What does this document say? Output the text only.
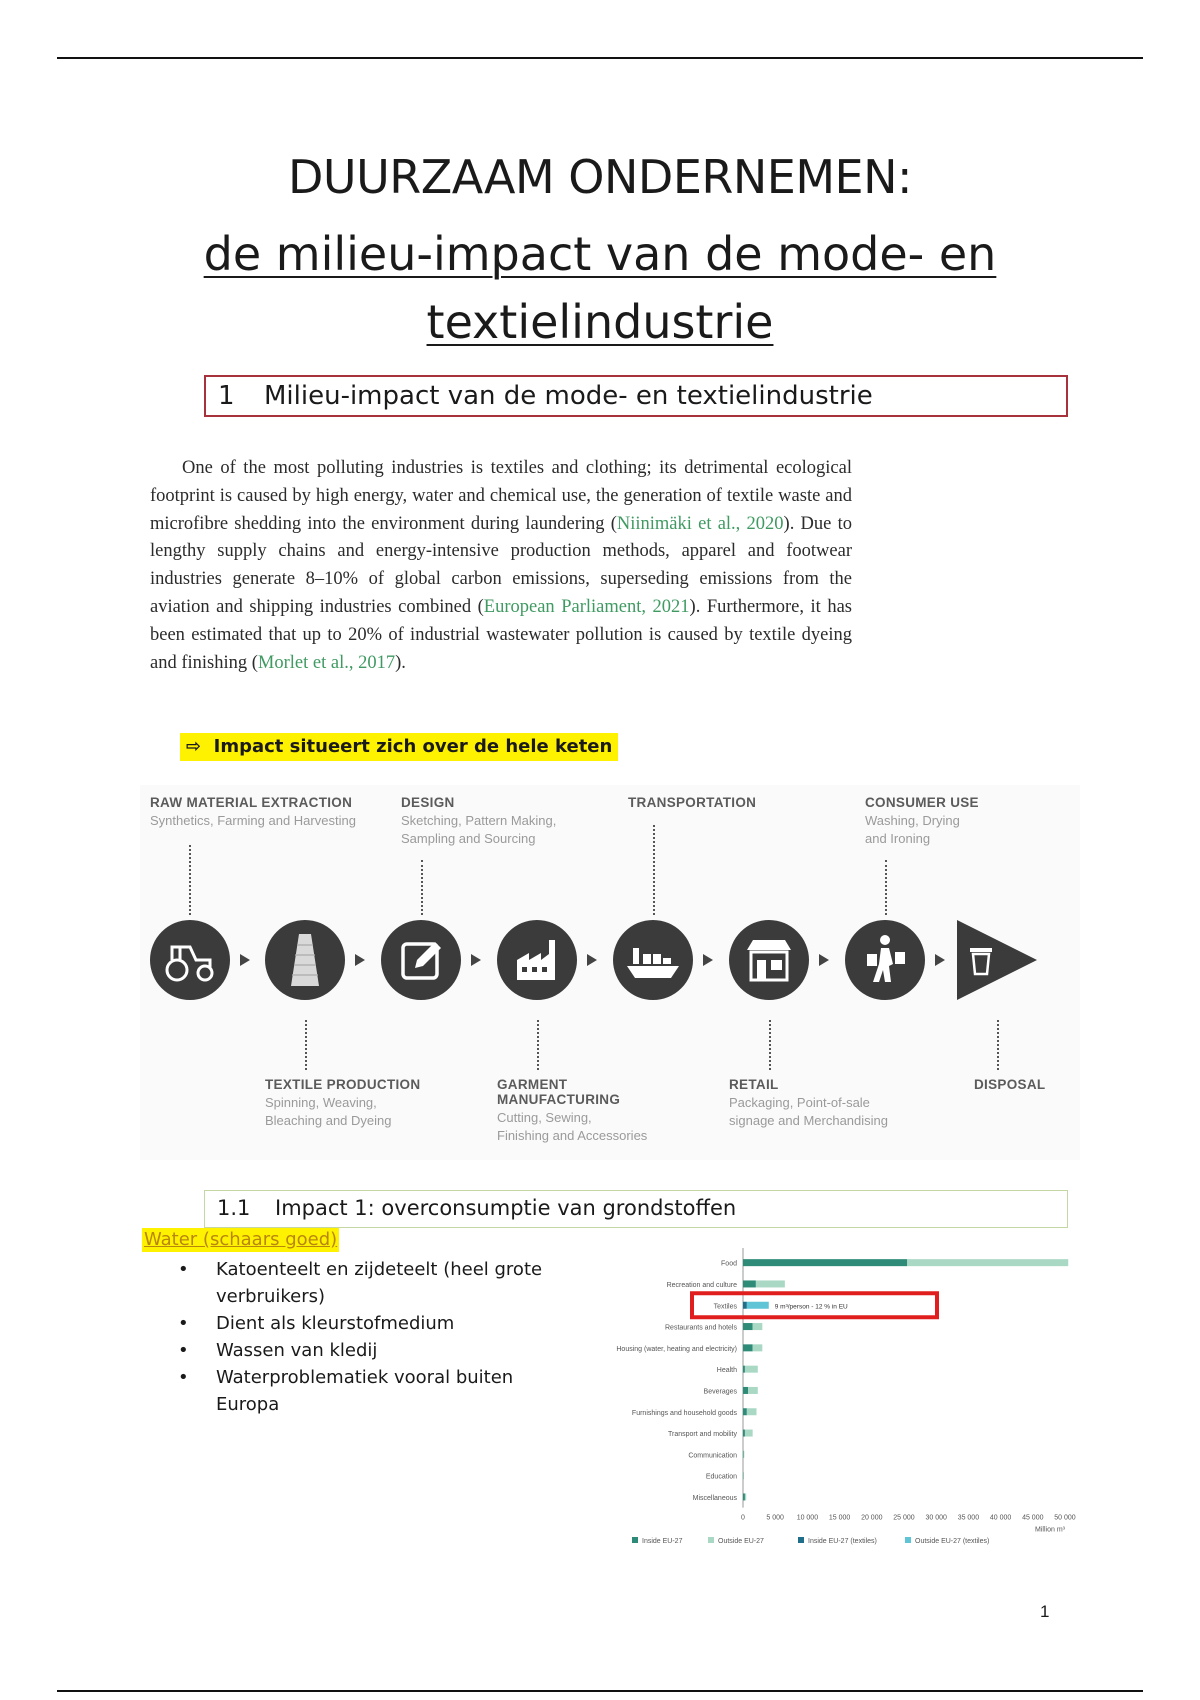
DUURZAAM ONDERNEMEN:
de milieu-impact van de mode- en
textielindustrie
1 Milieu-impact van de mode- en textielindustrie

One of the most polluting industries is textiles and clothing; its detrimental ecological footprint is caused by high energy, water and chemical use, the generation of textile waste and microfibre shedding into the environment during laundering (Niinimäki et al., 2020). Due to lengthy supply chains and energy-intensive production methods, apparel and footwear industries generate 8–10% of global carbon emissions, superseding emissions from the aviation and shipping industries combined (European Parliament, 2021). Furthermore, it has been estimated that up to 20% of industrial wastewater pollution is caused by textile dyeing and finishing (Morlet et al., 2017).

⇨ Impact situeert zich over de hele keten
RAW MATERIAL EXTRACTION
Synthetics, Farming and Harvesting
DESIGN
Sketching, Pattern Making,
Sampling and Sourcing
TRANSPORTATION	CONSUMER USE
Washing, Drying
and Ironing
TEXTILE PRODUCTION
Spinning, Weaving,
Bleaching and Dyeing
GARMENT
MANUFACTURING
Cutting, Sewing,
Finishing and Accessories
RETAIL
Packaging, Point-of-sale
signage and Merchandising
DISPOSAL
1.1 Impact 1: overconsumptie van grondstoffen
Water (schaars goed)
• Katoenteelt en zijdeteelt (heel grote verbruikers)
• Dient als kleurstofmedium
• Wassen van kledij
• Waterproblematiek vooral buiten Europa
Food
Recreation and culture
Textiles	9 m³/person - 12 % in EU
Restaurants and hotels
Housing (water, heating and electricity)
Health
Beverages
Furnishings and household goods
Transport and mobility
Communication
Education
Miscellaneous
0	5 000 10 000 15 000 20 000 25 000 30 000 35 000 40 000 45 000 50 000
Million m³
Inside EU-27	Outside EU-27	Inside EU-27 (textiles)	Outside EU-27 (textiles)
1
